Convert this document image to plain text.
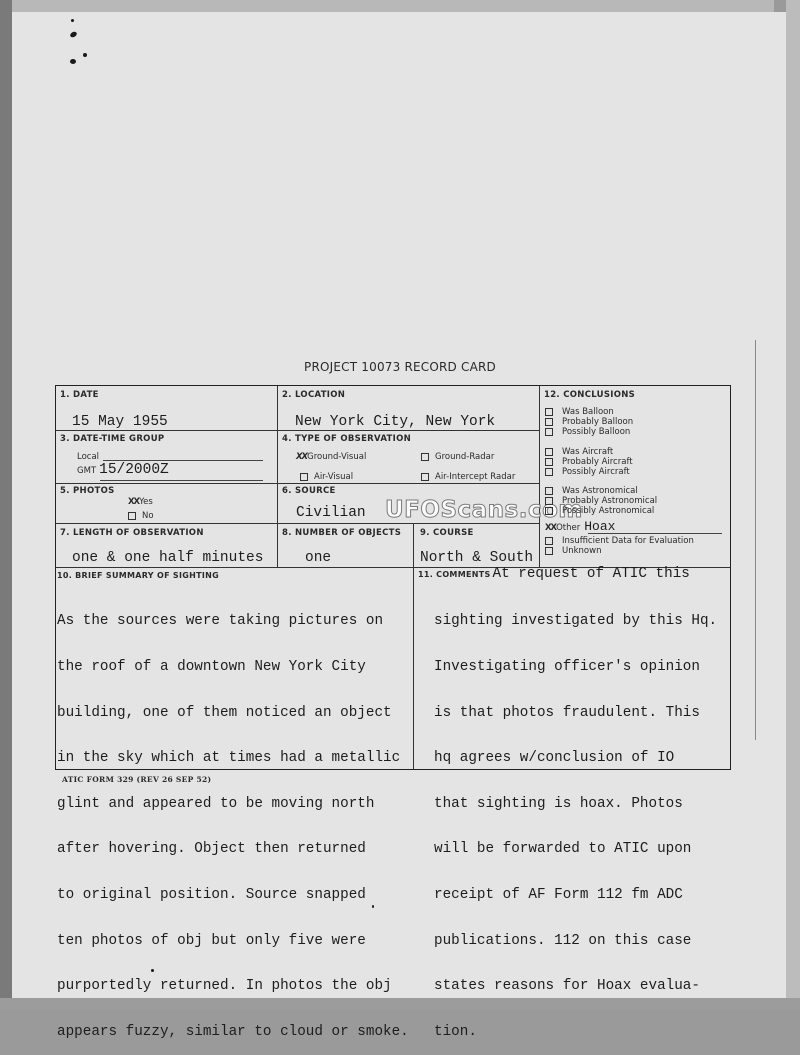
PROJECT 10073 RECORD CARD
1. DATE
15 May 1955
2. LOCATION
New York City, New York
3. DATE-TIME GROUP
Local
GMT 15/2000Z
4. TYPE OF OBSERVATION
XXGround-Visual	Ground-Radar
Air-Visual	Air-Intercept Radar
5. PHOTOS
XXYes
No
6. SOURCE
Civilian UFOScans.com
7. LENGTH OF OBSERVATION
one & one half minutes
8. NUMBER OF OBJECTS
one
9. COURSE
North & South
10. BRIEF SUMMARY OF SIGHTING

As the sources were taking pictures on

the roof of a downtown New York City

building, one of them noticed an object

in the sky which at times had a metallic

glint and appeared to be moving north

after hovering. Object then returned

to original position. Source snapped

ten photos of obj but only five were

purportedly returned. In photos the obj

appears fuzzy, similar to cloud or smoke.

11. COMMENTS At request of ATIC this

sighting investigated by this Hq.

Investigating officer's opinion

is that photos fraudulent. This

hq agrees w/conclusion of IO

that sighting is hoax. Photos

will be forwarded to ATIC upon

receipt of AF Form 112 fm ADC

publications. 112 on this case

states reasons for Hoax evalua-

tion.

12. CONCLUSIONS
Was Balloon
Probably Balloon
Possibly Balloon
Was Aircraft
Probably Aircraft
Possibly Aircraft
Was Astronomical
Probably Astronomical
Possibly Astronomical
XXOther Hoax
Insufficient Data for Evaluation
Unknown
ATIC FORM 329 (REV 26 SEP 52)
